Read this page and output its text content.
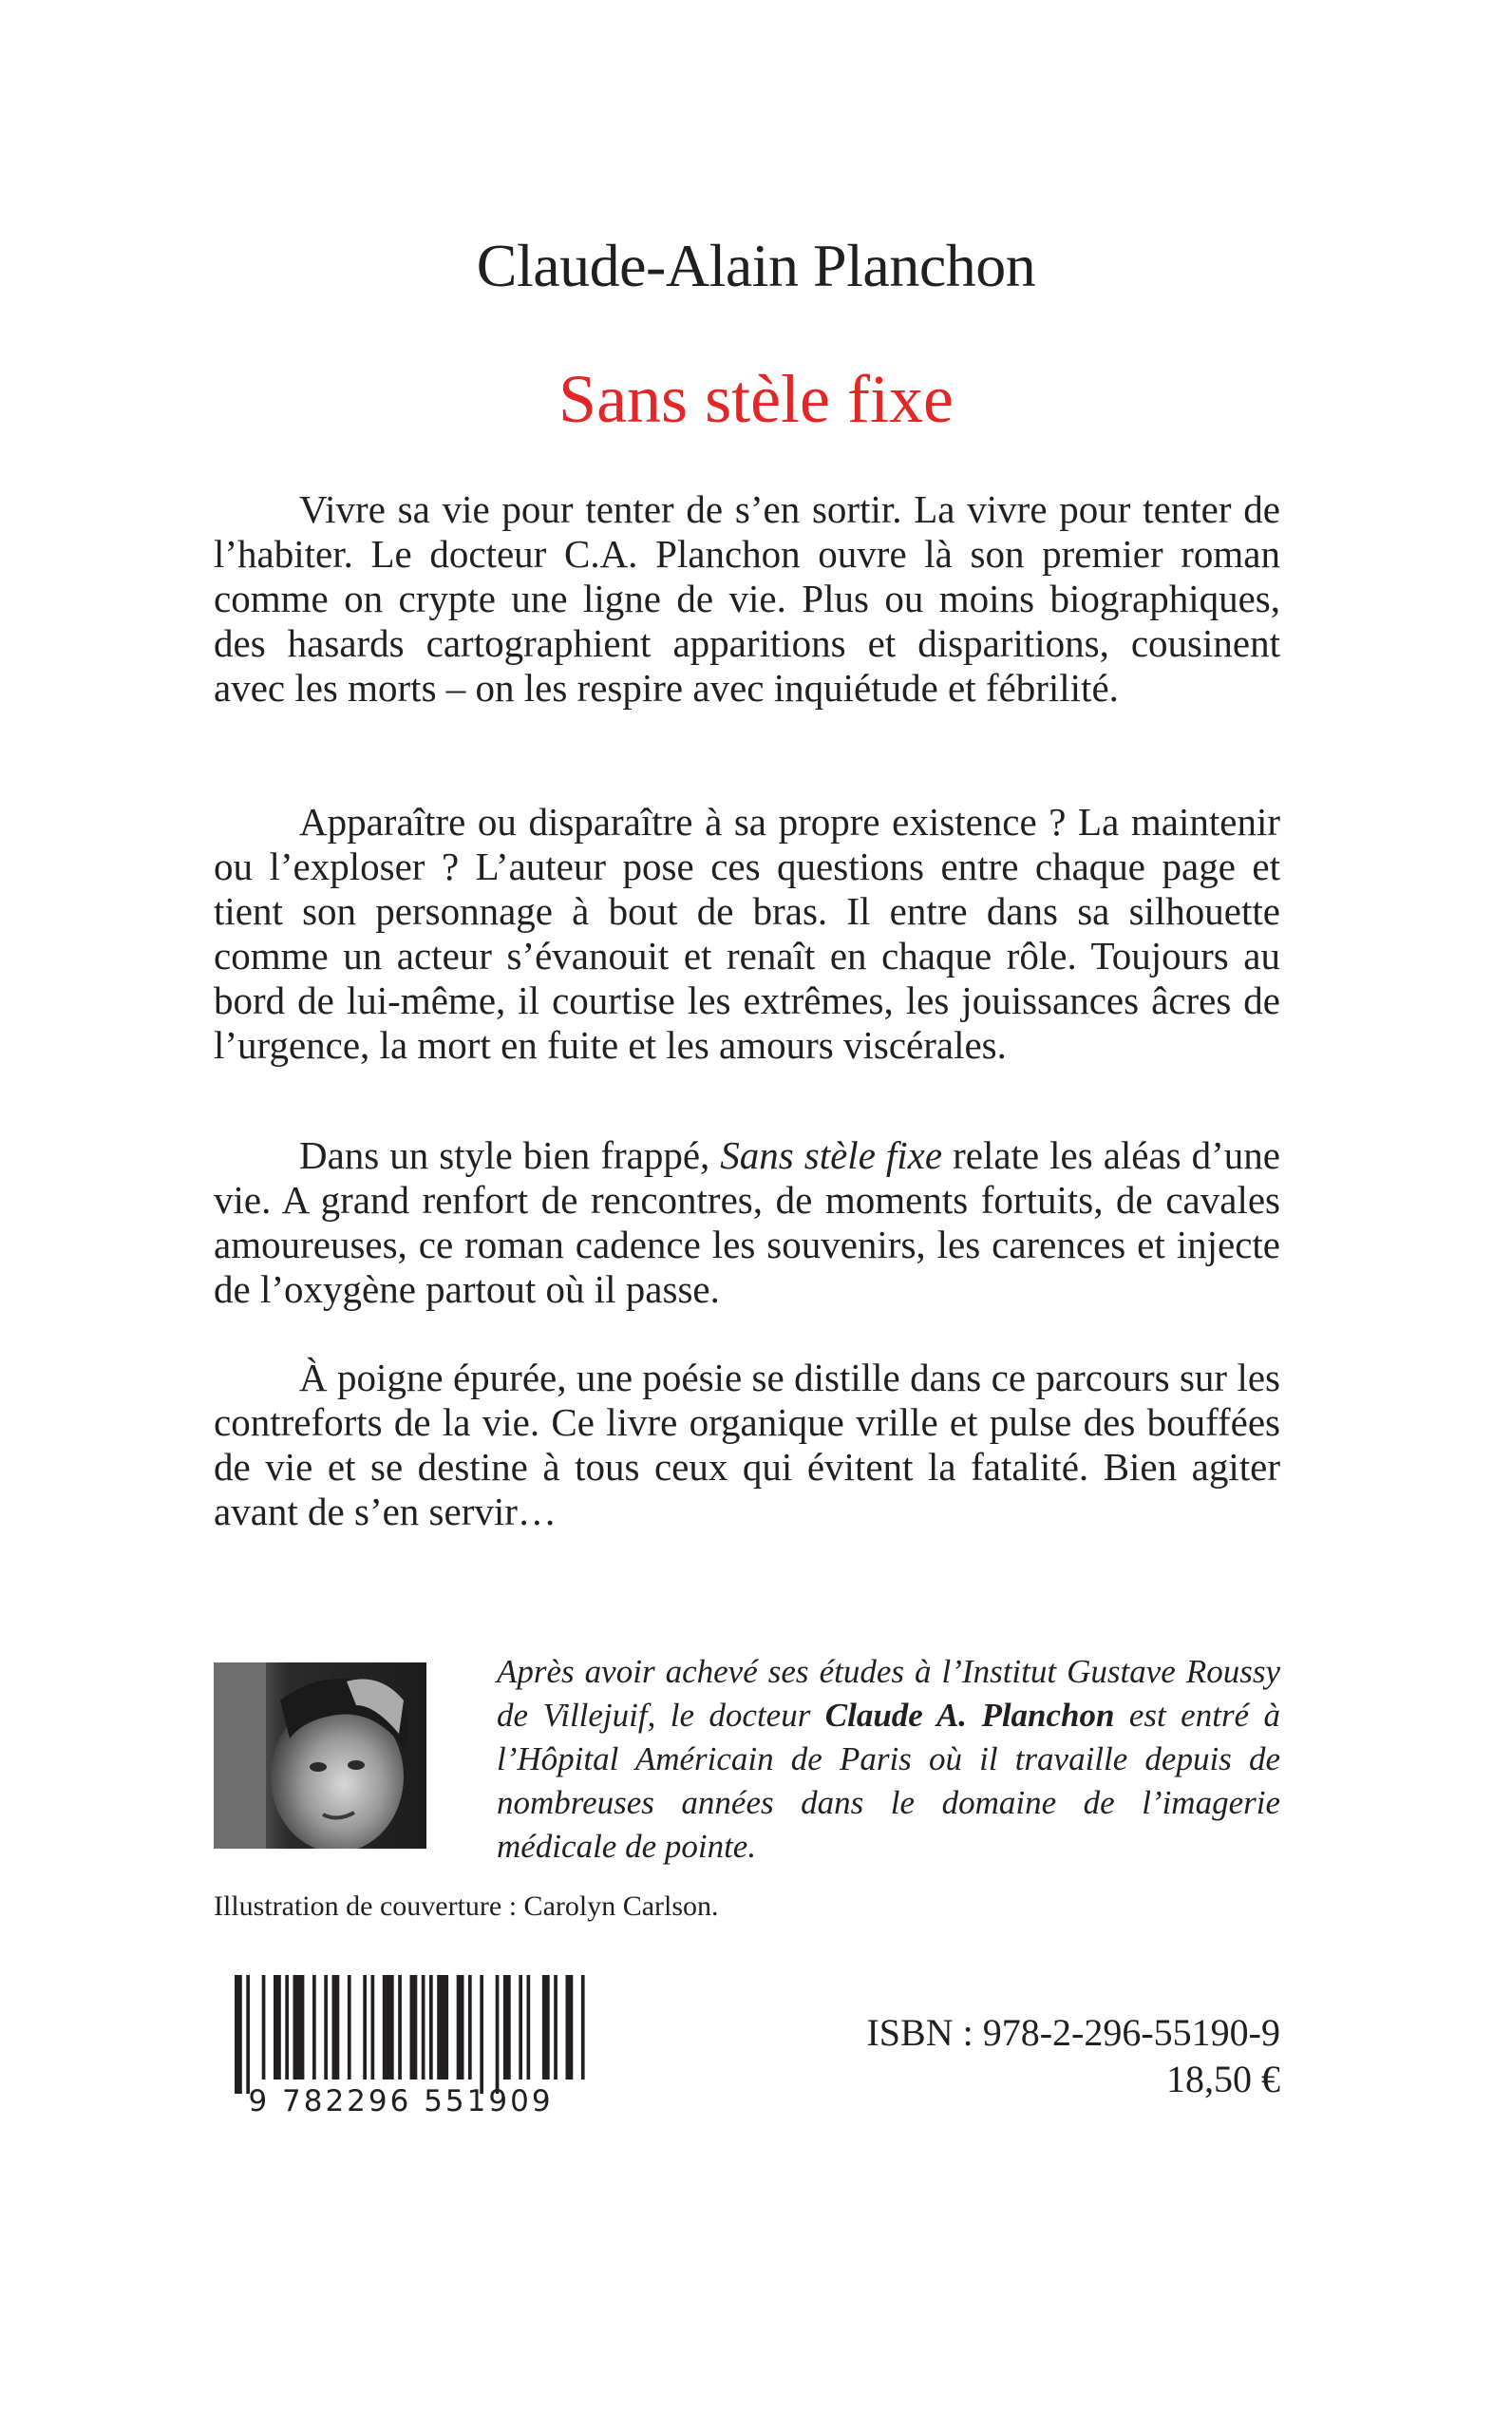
Claude-Alain Planchon
Sans stèle fixe

Vivre sa vie pour tenter de s’en sortir. La vivre pour tenter de l’habiter. Le docteur C.A. Planchon ouvre là son premier roman comme on crypte une ligne de vie. Plus ou moins biographiques, des hasards cartographient apparitions et disparitions, cousinent avec les morts – on les respire avec inquiétude et fébrilité.

Apparaître ou disparaître à sa propre existence ? La maintenir ou l’exploser ? L’auteur pose ces questions entre chaque page et tient son personnage à bout de bras. Il entre dans sa silhouette comme un acteur s’évanouit et renaît en chaque rôle. Toujours au bord de lui-même, il courtise les extrêmes, les jouissances âcres de l’urgence, la mort en fuite et les amours viscérales.

Dans un style bien frappé, Sans stèle fixe relate les aléas d’une vie. A grand renfort de rencontres, de moments fortuits, de cavales amoureuses, ce roman cadence les souvenirs, les carences et injecte de l’oxygène partout où il passe.

À poigne épurée, une poésie se distille dans ce parcours sur les contreforts de la vie. Ce livre organique vrille et pulse des bouffées de vie et se destine à tous ceux qui évitent la fatalité. Bien agiter avant de s’en servir…

Après avoir achevé ses études à l’Institut Gustave Roussy de Villejuif, le docteur Claude A. Planchon est entré à l’Hôpital Américain de Paris où il travaille depuis de nombreuses années dans le domaine de l’imagerie médicale de pointe.
Illustration de couverture : Carolyn Carlson.
9 782296 551909
ISBN : 978-2-296-55190-9
18,50 €
